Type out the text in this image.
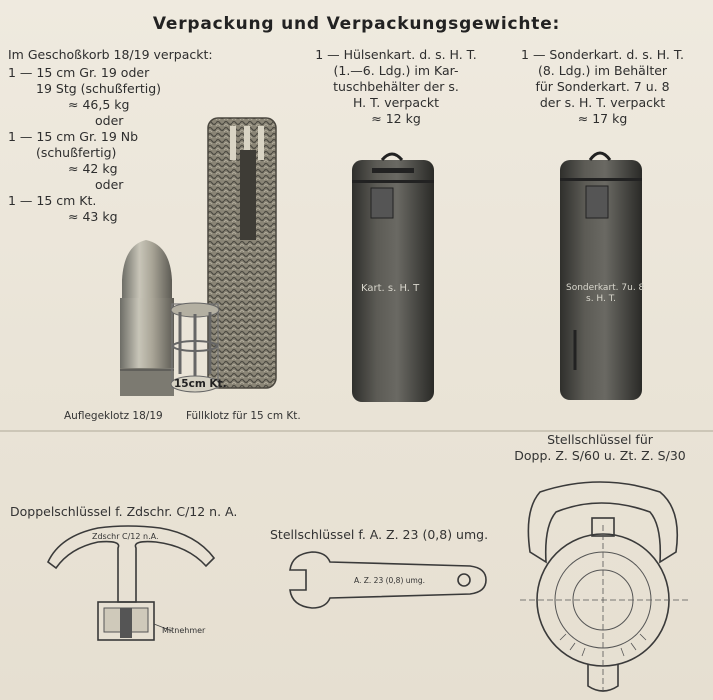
Verpackung und Verpackungsgewichte:
Im Geschoßkorb 18/19 verpackt:
1 — 15 cm Gr. 19 oder
19 Stg (schußfertig)
≈ 46,5 kg
oder
1 — 15 cm Gr. 19 Nb
(schußfertig)
≈ 42 kg
oder
1 — 15 cm Kt.
≈ 43 kg
1 — Hülsenkart. d. s. H. T.
(1.—6. Ldg.) im Kar-
tuschbehälter der s.
H. T. verpackt
≈ 12 kg
1 — Sonderkart. d. s. H. T.
(8. Ldg.) im Behälter
für Sonderkart. 7 u. 8
der s. H. T. verpackt
≈ 17 kg
15cm Kt.
Kart. s. H. T	Sonderkart. 7u. 8
s. H. T.
Auflegeklotz 18/19 Füllklotz für 15 cm Kt.
Doppelschlüssel f. Zdschr. C/12 n. A.
Zdschr C/12 n.A.
Mitnehmer
Stellschlüssel f. A. Z. 23 (0,8) umg.
A. Z. 23 (0,8) umg.
Stellschlüssel für
Dopp. Z. S/60 u. Zt. Z. S/30
